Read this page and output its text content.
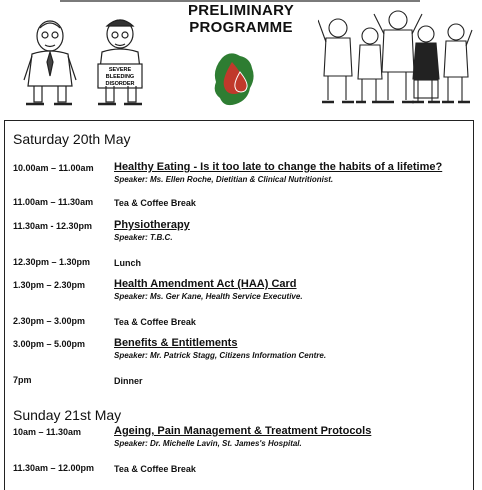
PRELIMINARY
PROGRAMME
SEVERE
BLEEDING
DISORDER
Saturday 20th May
10.00am – 11.00am Healthy Eating - Is it too late to change the habits of a lifetime?
Speaker: Ms. Ellen Roche, Dietitian & Clinical Nutritionist.
11.00am – 11.30am Tea & Coffee Break
11.30am - 12.30pm Physiotherapy
Speaker: T.B.C.
12.30pm – 1.30pm	Lunch
1.30pm – 2.30pm	Health Amendment Act (HAA) Card
Speaker: Ms. Ger Kane, Health Service Executive.
2.30pm – 3.00pm	Tea & Coffee Break
3.00pm – 5.00pm	Benefits & Entitlements
Speaker: Mr. Patrick Stagg, Citizens Information Centre.
7pm	Dinner
Sunday 21st May
10am – 11.30am	Ageing, Pain Management & Treatment Protocols
Speaker: Dr. Michelle Lavin, St. James's Hospital.
11.30am – 12.00pm Tea & Coffee Break
